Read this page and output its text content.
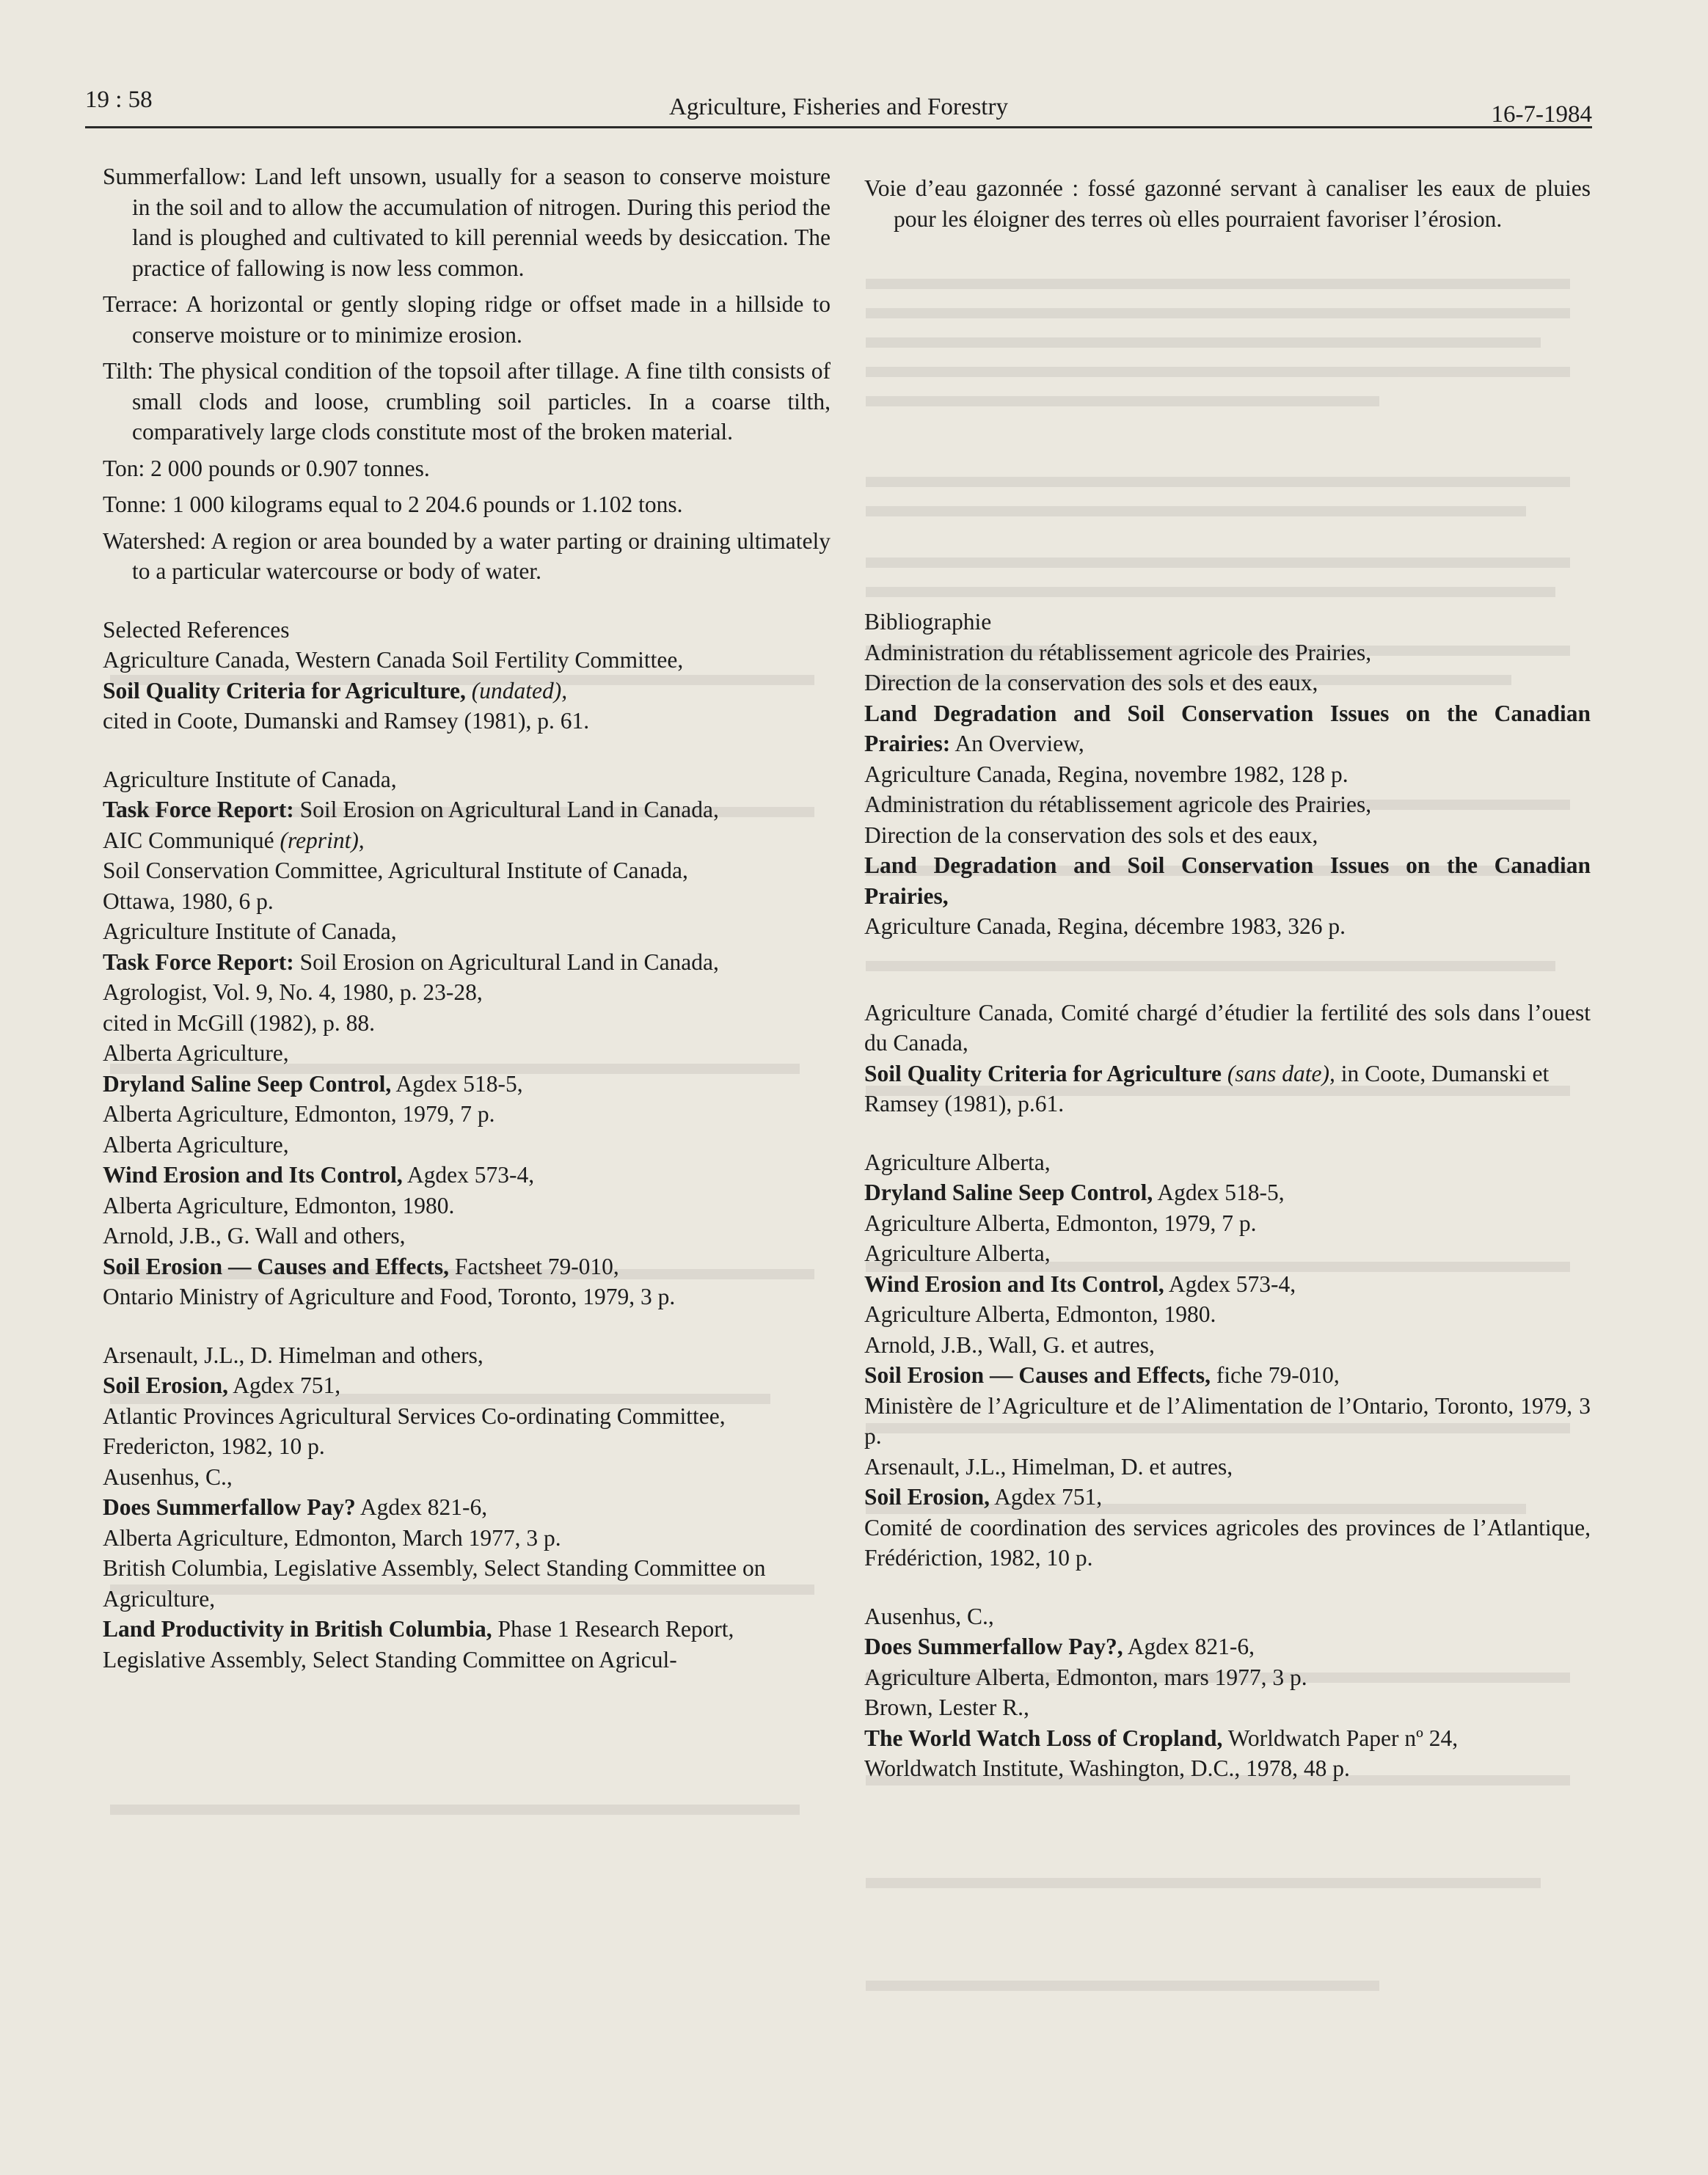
19 : 58	Agriculture, Fisheries and Forestry	16-7-1984
Summerfallow: Land left unsown, usually for a season to conserve moisture in the soil and to allow the accumulation of nitrogen. During this period the land is ploughed and cultivated to kill perennial weeds by desiccation. The practice of fallowing is now less common.
Terrace: A horizontal or gently sloping ridge or offset made in a hillside to conserve moisture or to minimize erosion.
Tilth: The physical condition of the topsoil after tillage. A fine tilth consists of small clods and loose, crumbling soil particles. In a coarse tilth, comparatively large clods constitute most of the broken material.
Ton: 2 000 pounds or 0.907 tonnes.
Tonne: 1 000 kilograms equal to 2 204.6 pounds or 1.102 tons.
Watershed: A region or area bounded by a water parting or draining ultimately to a particular watercourse or body of water.

Selected References

Agriculture Canada, Western Canada Soil Fertility Committee,

Soil Quality Criteria for Agriculture, (undated),

cited in Coote, Dumanski and Ramsey (1981), p. 61.

Agriculture Institute of Canada,

Task Force Report: Soil Erosion on Agricultural Land in Canada,

AIC Communiqué (reprint),

Soil Conservation Committee, Agricultural Institute of Canada,

Ottawa, 1980, 6 p.

Agriculture Institute of Canada,

Task Force Report: Soil Erosion on Agricultural Land in Canada,

Agrologist, Vol. 9, No. 4, 1980, p. 23-28,

cited in McGill (1982), p. 88.

Alberta Agriculture,

Dryland Saline Seep Control, Agdex 518-5,

Alberta Agriculture, Edmonton, 1979, 7 p.

Alberta Agriculture,

Wind Erosion and Its Control, Agdex 573-4,

Alberta Agriculture, Edmonton, 1980.

Arnold, J.B., G. Wall and others,

Soil Erosion — Causes and Effects, Factsheet 79-010,

Ontario Ministry of Agriculture and Food, Toronto, 1979, 3 p.

Arsenault, J.L., D. Himelman and others,

Soil Erosion, Agdex 751,

Atlantic Provinces Agricultural Services Co-ordinating Committee,

Fredericton, 1982, 10 p.

Ausenhus, C.,

Does Summerfallow Pay? Agdex 821-6,

Alberta Agriculture, Edmonton, March 1977, 3 p.

British Columbia, Legislative Assembly, Select Standing Committee on Agriculture,

Land Productivity in British Columbia, Phase 1 Research Report,

Legislative Assembly, Select Standing Committee on Agricul-

Voie d’eau gazonnée : fossé gazonné servant à canaliser les eaux de pluies pour les éloigner des terres où elles pourraient favoriser l’érosion.

Bibliographie

Administration du rétablissement agricole des Prairies,

Direction de la conservation des sols et des eaux,

Land Degradation and Soil Conservation Issues on the Canadian Prairies: An Overview,

Agriculture Canada, Regina, novembre 1982, 128 p.

Administration du rétablissement agricole des Prairies,

Direction de la conservation des sols et des eaux,

Land Degradation and Soil Conservation Issues on the Canadian Prairies,

Agriculture Canada, Regina, décembre 1983, 326 p.

Agriculture Canada, Comité chargé d’étudier la fertilité des sols dans l’ouest du Canada,

Soil Quality Criteria for Agriculture (sans date), in Coote, Dumanski et Ramsey (1981), p.61.

Agriculture Alberta,

Dryland Saline Seep Control, Agdex 518-5,

Agriculture Alberta, Edmonton, 1979, 7 p.

Agriculture Alberta,

Wind Erosion and Its Control, Agdex 573-4,

Agriculture Alberta, Edmonton, 1980.

Arnold, J.B., Wall, G. et autres,

Soil Erosion — Causes and Effects, fiche 79-010,

Ministère de l’Agriculture et de l’Alimentation de l’Ontario, Toronto, 1979, 3 p.

Arsenault, J.L., Himelman, D. et autres,

Soil Erosion, Agdex 751,

Comité de coordination des services agricoles des provinces de l’Atlantique, Frédériction, 1982, 10 p.

Ausenhus, C.,

Does Summerfallow Pay?, Agdex 821-6,

Agriculture Alberta, Edmonton, mars 1977, 3 p.

Brown, Lester R.,

The World Watch Loss of Cropland, Worldwatch Paper nº 24,

Worldwatch Institute, Washington, D.C., 1978, 48 p.
